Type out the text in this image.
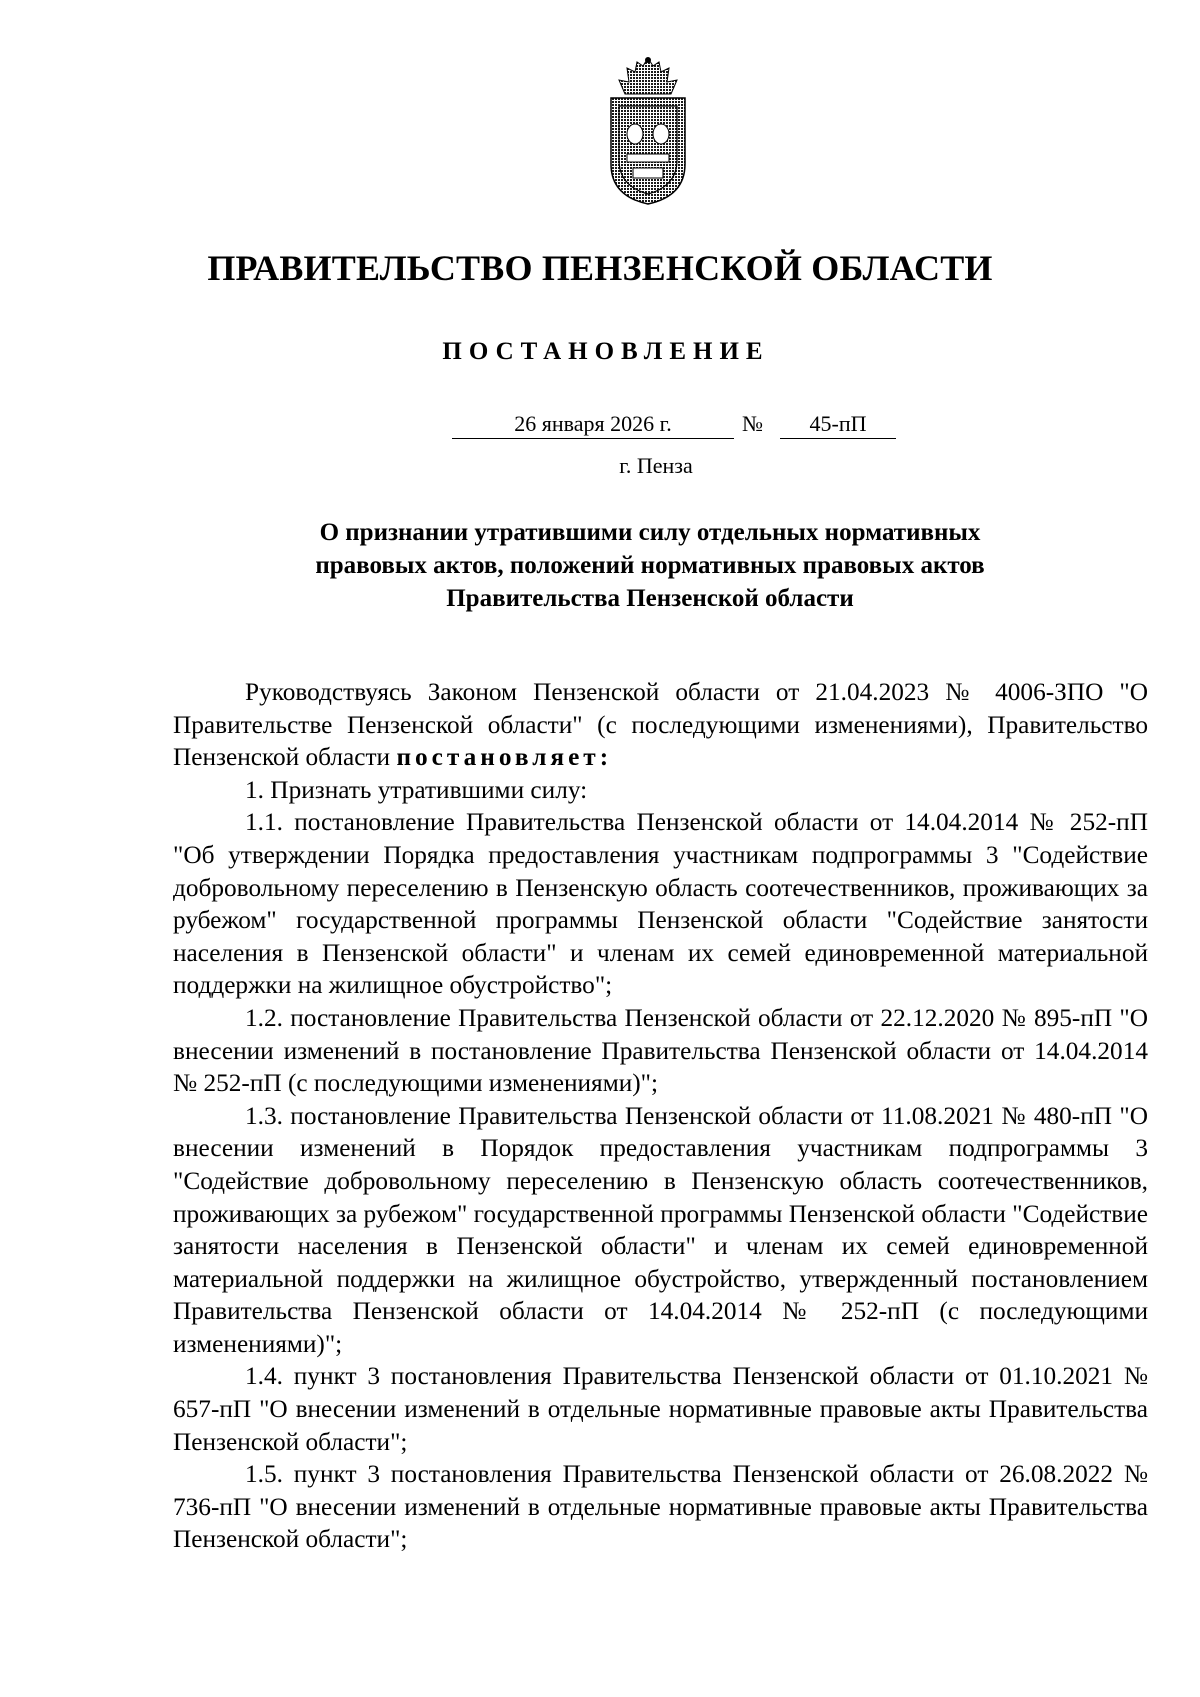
ПРАВИТЕЛЬСТВО ПЕНЗЕНСКОЙ ОБЛАСТИ
ПОСТАНОВЛЕНИЕ
26 января 2026 г.	№	45-пП
г. Пенза
О признании утратившими силу отдельных нормативных
правовых актов, положений нормативных правовых актов
Правительства Пензенской области

Руководствуясь Законом Пензенской области от 21.04.2023 № 4006-ЗПО "О Правительстве Пензенской области" (с последующими изменениями), Правительство Пензенской области постановляет:

1. Признать утратившими силу:

1.1. постановление Правительства Пензенской области от 14.04.2014 № 252-пП "Об утверждении Порядка предоставления участникам подпрограммы 3 "Содействие добровольному переселению в Пензенскую область соотечественников, проживающих за рубежом" государственной программы Пензенской области "Содействие занятости населения в Пензенской области" и членам их семей единовременной материальной поддержки на жилищное обустройство";

1.2. постановление Правительства Пензенской области от 22.12.2020 № 895-пП "О внесении изменений в постановление Правительства Пензенской области от 14.04.2014 № 252-пП (с последующими изменениями)";

1.3. постановление Правительства Пензенской области от 11.08.2021 № 480-пП "О внесении изменений в Порядок предоставления участникам подпрограммы 3 "Содействие добровольному переселению в Пензенскую область соотечественников, проживающих за рубежом" государственной программы Пензенской области "Содействие занятости населения в Пензенской области" и членам их семей единовременной материальной поддержки на жилищное обустройство, утвержденный постановлением Правительства Пензенской области от 14.04.2014 № 252-пП (с последующими изменениями)";

1.4. пункт 3 постановления Правительства Пензенской области от 01.10.2021 № 657-пП "О внесении изменений в отдельные нормативные правовые акты Правительства Пензенской области";

1.5. пункт 3 постановления Правительства Пензенской области от 26.08.2022 № 736-пП "О внесении изменений в отдельные нормативные правовые акты Правительства Пензенской области";
